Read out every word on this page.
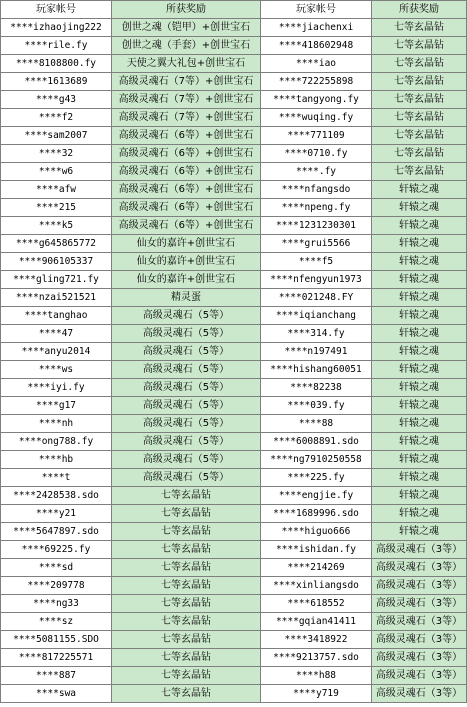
玩家帐号	所获奖励	玩家帐号	所获奖励
****izhaojing222	创世之魂（铠甲）+创世宝石	****jiachenxi	七等玄晶钻
****rile.fy	创世之魂（手套）+创世宝石	****418602948	七等玄晶钻
****8108800.fy	天使之翼大礼包+创世宝石	****iao	七等玄晶钻
****1613689	高级灵魂石（7等）+创世宝石	****722255898	七等玄晶钻
****g43	高级灵魂石（7等）+创世宝石	****tangyong.fy	七等玄晶钻
****f2	高级灵魂石（7等）+创世宝石	****wuqing.fy	七等玄晶钻
****sam2007	高级灵魂石（6等）+创世宝石	****771109	七等玄晶钻
****32	高级灵魂石（6等）+创世宝石	****0710.fy	七等玄晶钻
****w6	高级灵魂石（6等）+创世宝石	****.fy	七等玄晶钻
****afw	高级灵魂石（6等）+创世宝石	****nfangsdo	轩辕之魂
****215	高级灵魂石（6等）+创世宝石	****npeng.fy	轩辕之魂
****k5	高级灵魂石（6等）+创世宝石	****1231230301	轩辕之魂
****g645865772	仙女的嘉许+创世宝石	****grui5566	轩辕之魂
****906105337	仙女的嘉许+创世宝石	****f5	轩辕之魂
****gling721.fy	仙女的嘉许+创世宝石	****nfengyun1973	轩辕之魂
****nzai521521	精灵蛋	****021248.FY	轩辕之魂
****tanghao	高级灵魂石（5等）	****iqianchang	轩辕之魂
****47	高级灵魂石（5等）	****314.fy	轩辕之魂
****anyu2014	高级灵魂石（5等）	****n197491	轩辕之魂
****ws	高级灵魂石（5等）	****hishang60051	轩辕之魂
****iyi.fy	高级灵魂石（5等）	****82238	轩辕之魂
****g17	高级灵魂石（5等）	****039.fy	轩辕之魂
****nh	高级灵魂石（5等）	****88	轩辕之魂
****ong788.fy	高级灵魂石（5等）	****6008891.sdo	轩辕之魂
****hb	高级灵魂石（5等）	****ng7910250558	轩辕之魂
****t	高级灵魂石（5等）	****225.fy	轩辕之魂
****2428538.sdo	七等玄晶钻	****engjie.fy	轩辕之魂
****y21	七等玄晶钻	****1689996.sdo	轩辕之魂
****5647897.sdo	七等玄晶钻	****higuo666	轩辕之魂
****69225.fy	七等玄晶钻	****ishidan.fy	高级灵魂石（3等）
****sd	七等玄晶钻	****214269	高级灵魂石（3等）
****209778	七等玄晶钻	****xinliangsdo	高级灵魂石（3等）
****ng33	七等玄晶钻	****618552	高级灵魂石（3等）
****sz	七等玄晶钻	****gqian41411	高级灵魂石（3等）
****5081155.SDO	七等玄晶钻	****3418922	高级灵魂石（3等）
****817225571	七等玄晶钻	****9213757.sdo	高级灵魂石（3等）
****887	七等玄晶钻	****h88	高级灵魂石（3等）
****swa	七等玄晶钻	****y719	高级灵魂石（3等）
